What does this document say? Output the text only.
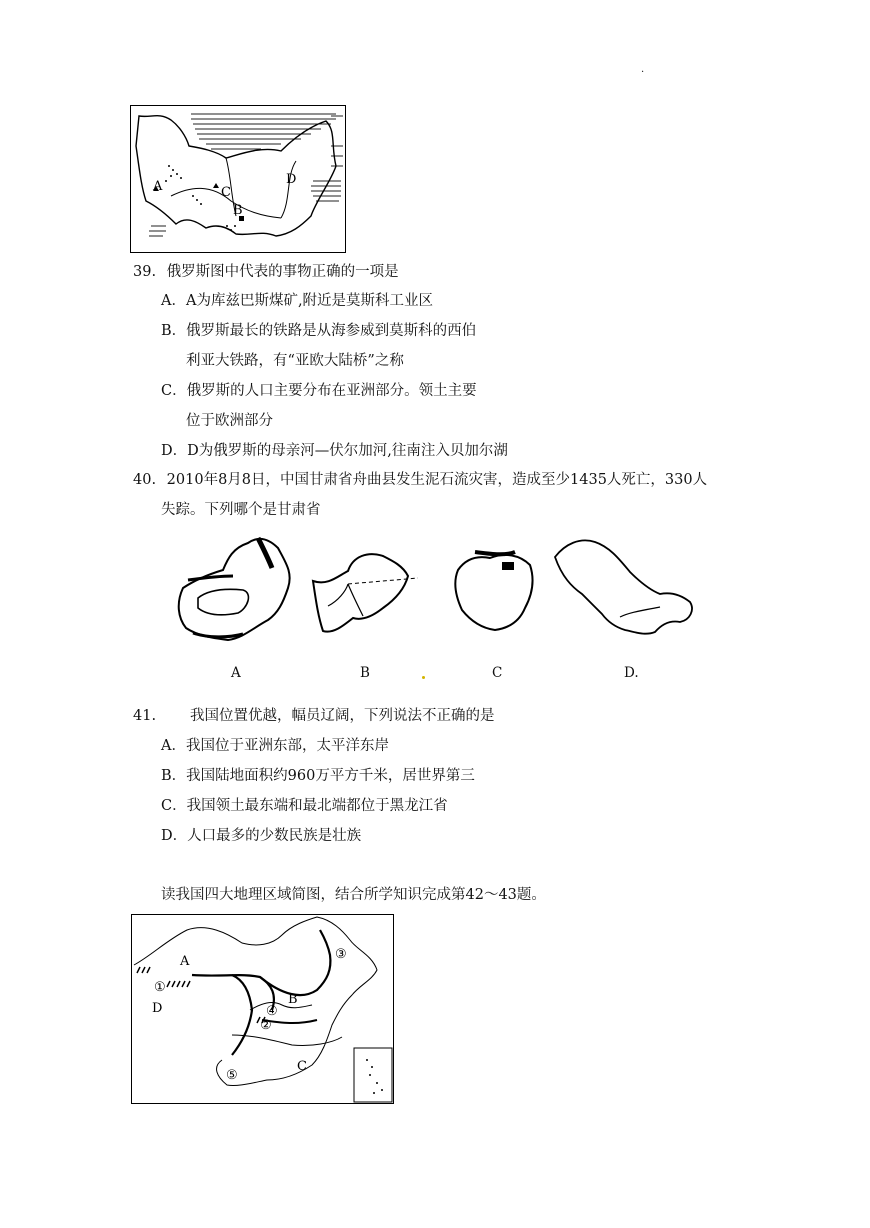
.
A
B
C
D
39. 俄罗斯图中代表的事物正确的一项是
A．A为库兹巴斯煤矿,附近是莫斯科工业区
B．俄罗斯最长的铁路是从海参威到莫斯科的西伯
利亚大铁路，有“亚欧大陆桥”之称
C．俄罗斯的人口主要分布在亚洲部分。领土主要
位于欧洲部分
D．D为俄罗斯的母亲河—伏尔加河,往南注入贝加尔湖
40. 2010年8月8日，中国甘肃省舟曲县发生泥石流灾害，造成至少1435人死亡，330人
失踪。下列哪个是甘肃省
A	B	C	D.
41. 我国位置优越，幅员辽阔，下列说法不正确的是
A．我国位于亚洲东部，太平洋东岸
B．我国陆地面积约960万平方千米，居世界第三
C．我国领土最东端和最北端都位于黑龙江省
D．人口最多的少数民族是壮族
读我国四大地理区域简图，结合所学知识完成第42～43题。
A
B
C
D
①
②
③
④
⑤
